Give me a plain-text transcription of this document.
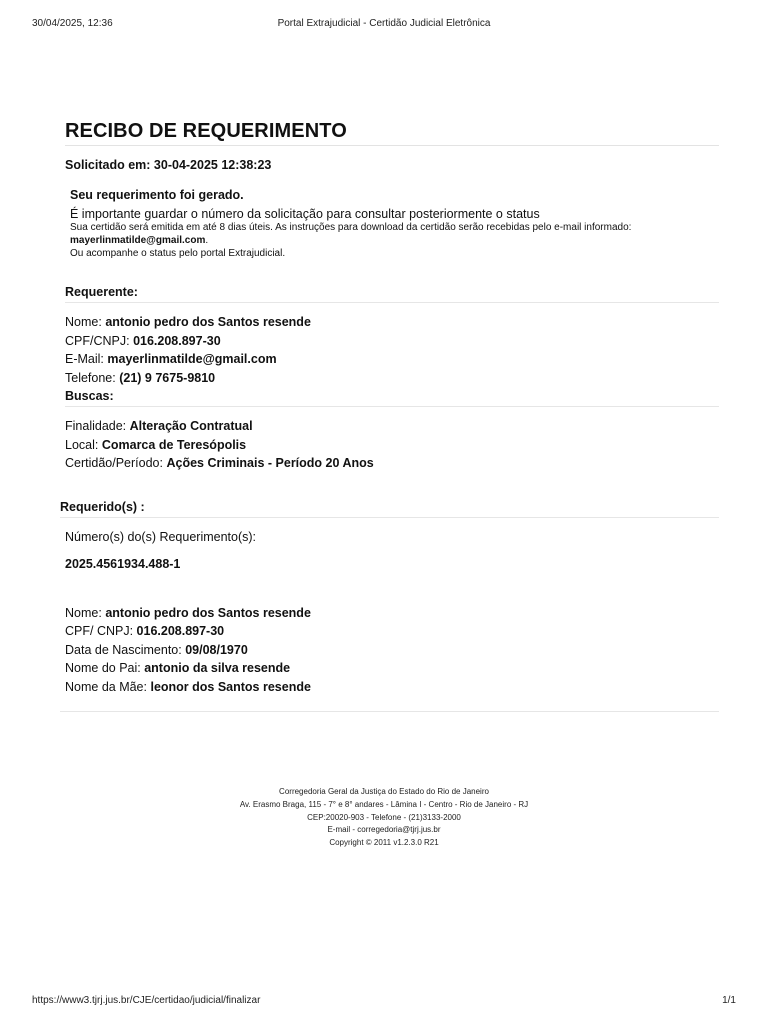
30/04/2025, 12:36	Portal Extrajudicial - Certidão Judicial Eletrônica
RECIBO DE REQUERIMENTO
Solicitado em: 30-04-2025 12:38:23
Seu requerimento foi gerado.
É importante guardar o número da solicitação para consultar posteriormente o status
Sua certidão será emitida em até 8 dias úteis. As instruções para download da certidão serão recebidas pelo e-mail informado:
mayerlinmatilde@gmail.com.
Ou acompanhe o status pelo portal Extrajudicial.
Requerente:
Nome: antonio pedro dos Santos resende
CPF/CNPJ: 016.208.897-30
E-Mail: mayerlinmatilde@gmail.com
Telefone: (21) 9 7675-9810
Buscas:
Finalidade: Alteração Contratual
Local: Comarca de Teresópolis
Certidão/Período: Ações Criminais - Período 20 Anos
Requerido(s) :
Número(s) do(s) Requerimento(s):
2025.4561934.488-1
Nome: antonio pedro dos Santos resende
CPF/ CNPJ: 016.208.897-30
Data de Nascimento: 09/08/1970
Nome do Pai: antonio da silva resende
Nome da Mãe: leonor dos Santos resende
Corregedoria Geral da Justiça do Estado do Rio de Janeiro
Av. Erasmo Braga, 115 - 7° e 8° andares - Lâmina I - Centro - Rio de Janeiro - RJ
CEP:20020-903 - Telefone - (21)3133-2000
E-mail - corregedoria@tjrj.jus.br
Copyright © 2011 v1.2.3.0 R21
https://www3.tjrj.jus.br/CJE/certidao/judicial/finalizar	1/1
